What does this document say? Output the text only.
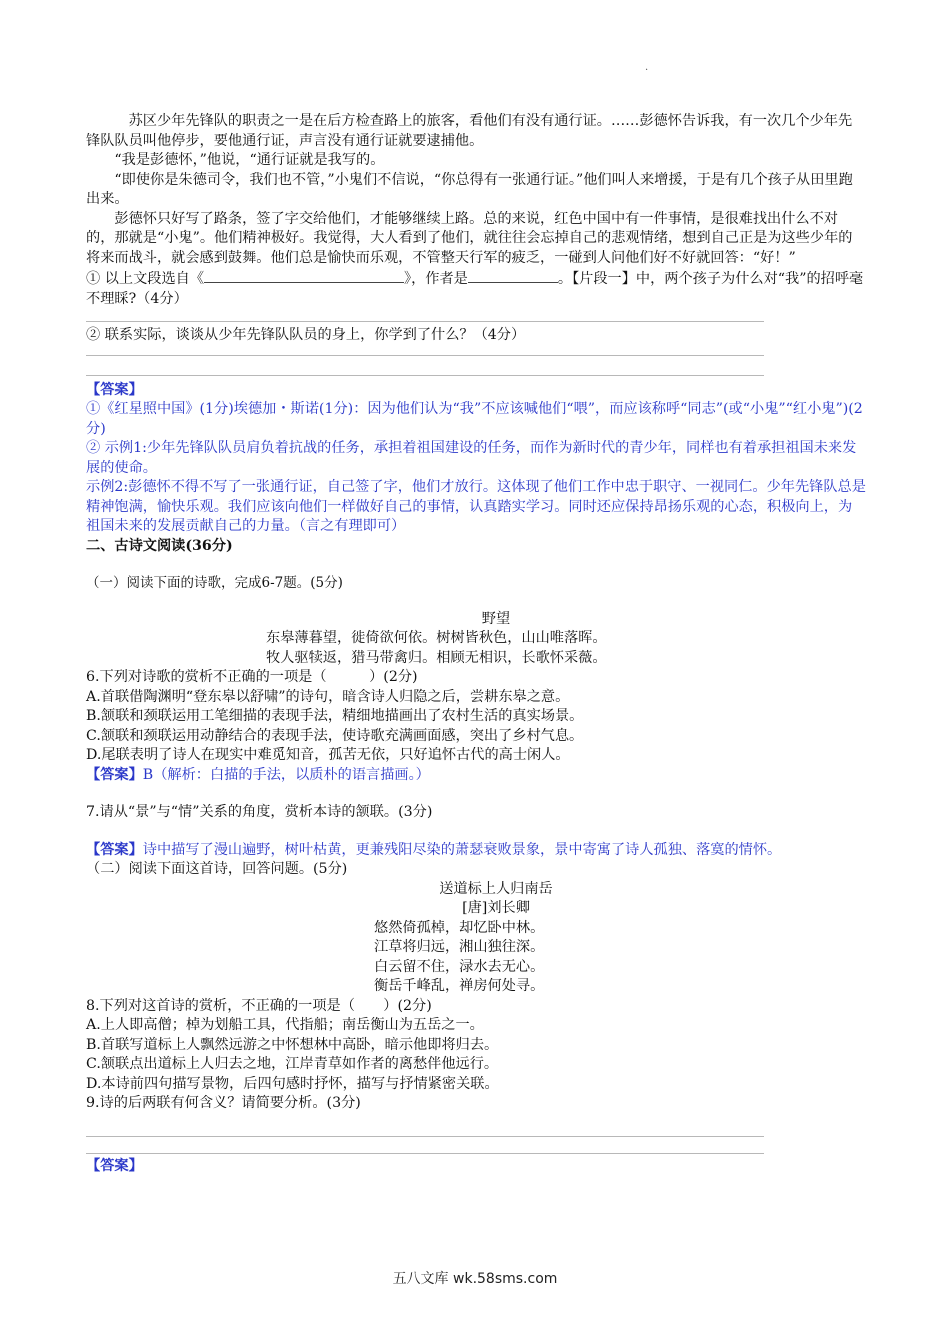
.

苏区少年先锋队的职责之一是在后方检查路上的旅客，看他们有没有通行证。……彭德怀告诉我，有一次几个少年先锋队队员叫他停步，要他通行证，声言没有通行证就要逮捕他。

“我是彭德怀，”他说，“通行证就是我写的。

“即使你是朱德司令，我们也不管，”小鬼们不信说，“你总得有一张通行证。”他们叫人来增援，于是有几个孩子从田里跑出来。

彭德怀只好写了路条，签了字交给他们，才能够继续上路。总的来说，红色中国中有一件事情，是很难找出什么不对的，那就是“小鬼”。他们精神极好。我觉得，大人看到了他们，就往往会忘掉自己的悲观情绪，想到自己正是为这些少年的将来而战斗，就会感到鼓舞。他们总是愉快而乐观，不管整天行军的疲乏，一碰到人问他们好不好就回答：“好！”

① 以上文段选自《	》，作者是	。【片段一】中，两个孩子为什么对“我”的招呼毫不理睬?（4分）

② 联系实际，谈谈从少年先锋队队员的身上，你学到了什么？（4分）

【答案】

①《红星照中国》(1分)埃德加・斯诺(1分)：因为他们认为“我”不应该喊他们“喂”，而应该称呼“同志”(或“小鬼”“红小鬼”)(2分)

② 示例1:少年先锋队队员肩负着抗战的任务，承担着祖国建设的任务，而作为新时代的青少年，同样也有着承担祖国未来发展的使命。

示例2:彭德怀不得不写了一张通行证，自己签了字，他们才放行。这体现了他们工作中忠于职守、一视同仁。少年先锋队总是精神饱满，愉快乐观。我们应该向他们一样做好自己的事情，认真踏实学习。同时还应保持昂扬乐观的心态，积极向上，为祖国未来的发展贡献自己的力量。（言之有理即可）

二、古诗文阅读(36分)

（一）阅读下面的诗歌，完成6-7题。(5分)

野望

东皋薄暮望，徙倚欲何依。树树皆秋色，山山唯落晖。

牧人驱犊返，猎马带禽归。相顾无相识，长歌怀采薇。

6.下列对诗歌的赏析不正确的一项是（　　　）(2分)

A.首联借陶渊明“登东皋以舒啸”的诗句，暗含诗人归隐之后，尝耕东皋之意。

B.颔联和颈联运用工笔细描的表现手法，精细地描画出了农村生活的真实场景。

C.颔联和颈联运用动静结合的表现手法，使诗歌充满画面感，突出了乡村气息。

D.尾联表明了诗人在现实中难觅知音，孤苦无依，只好追怀古代的高士闲人。

【答案】B（解析：白描的手法，以质朴的语言描画。）

7.请从“景”与“情”关系的角度，赏析本诗的颔联。(3分)

【答案】诗中描写了漫山遍野，树叶枯黄，更兼残阳尽染的萧瑟衰败景象，景中寄寓了诗人孤独、落寞的情怀。

（二）阅读下面这首诗，回答问题。(5分)

送道标上人归南岳

[唐]刘长卿

悠然倚孤棹，却忆卧中林。

江草将归远，湘山独往深。

白云留不住，渌水去无心。

衡岳千峰乱，禅房何处寻。

8.下列对这首诗的赏析，不正确的一项是（　　）(2分)

A.上人即高僧；棹为划船工具，代指船；南岳衡山为五岳之一。

B.首联写道标上人飘然远游之中怀想林中高卧，暗示他即将归去。

C.颔联点出道标上人归去之地，江岸青草如作者的离愁伴他远行。

D.本诗前四句描写景物，后四句感时抒怀，描写与抒情紧密关联。

9.诗的后两联有何含义？请简要分析。(3分)

【答案】

五八文库 wk.58sms.com
